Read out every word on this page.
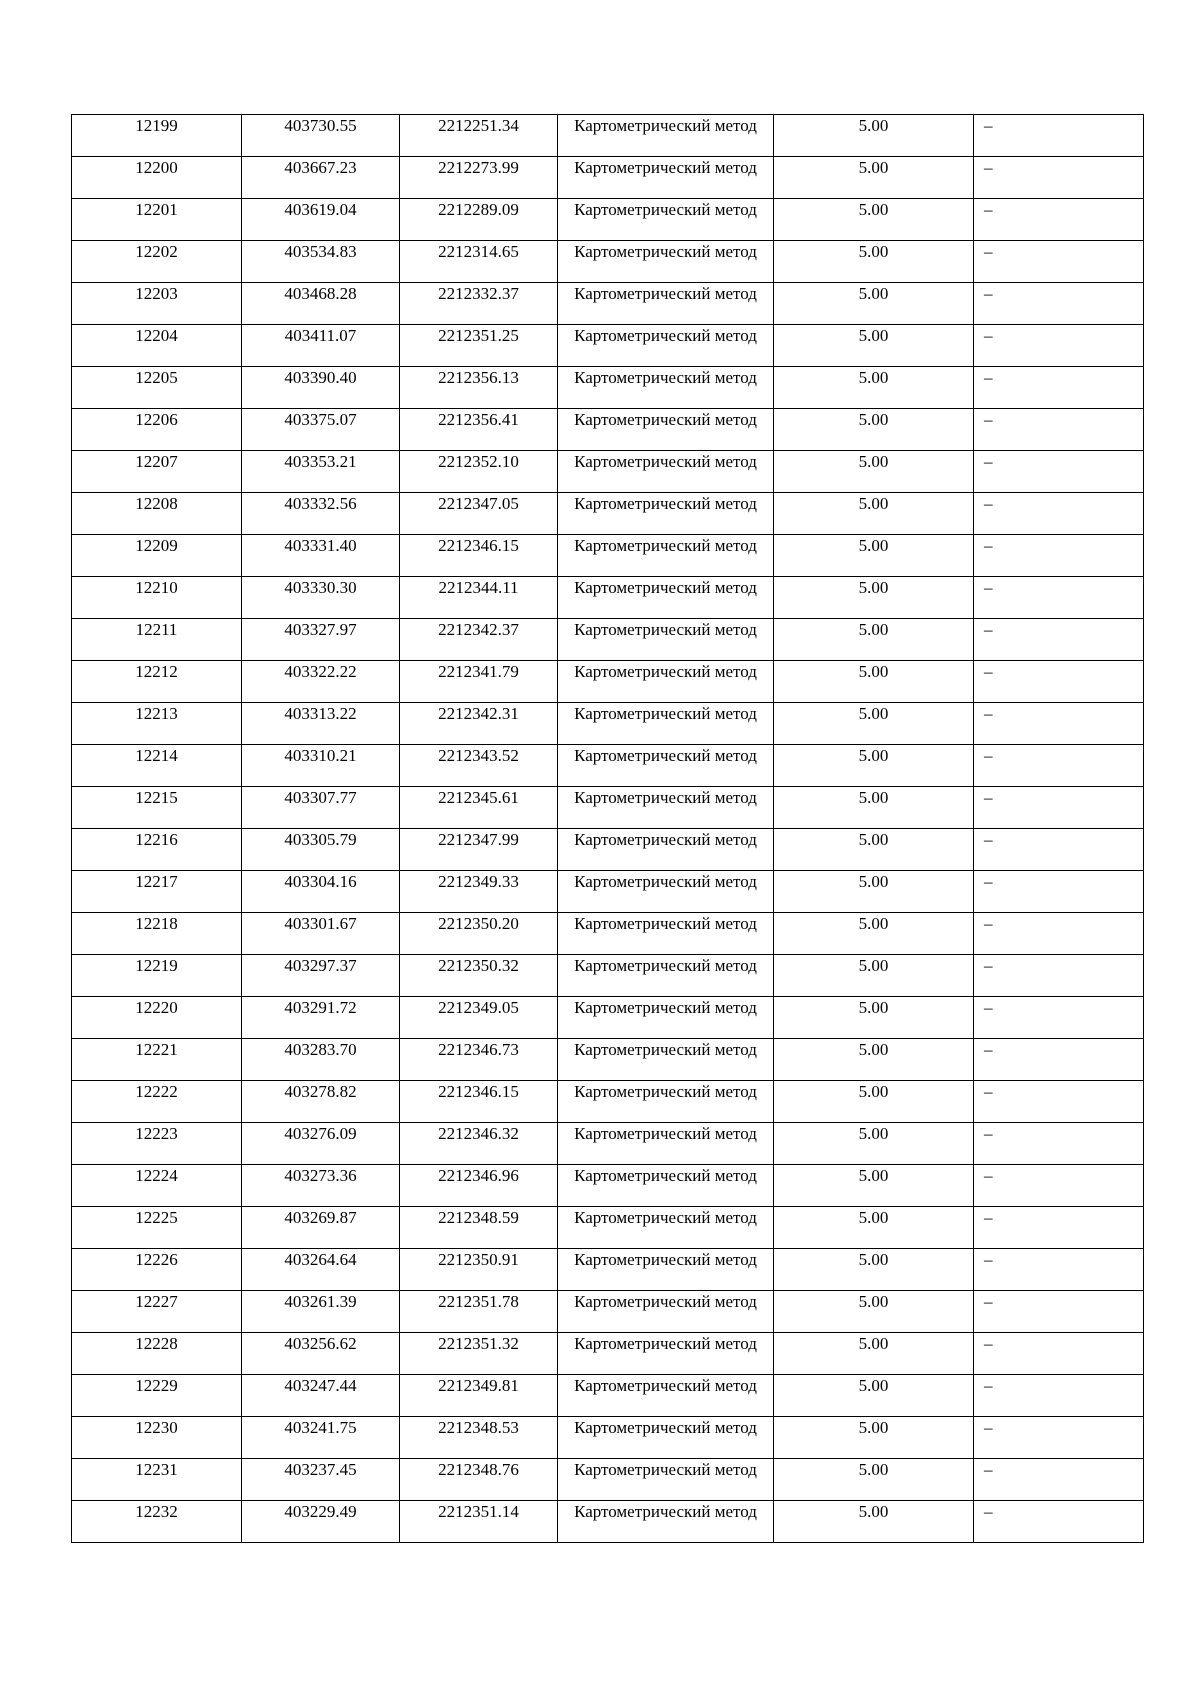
12199	403730.55	2212251.34	Картометрический метод	5.00	–
12200	403667.23	2212273.99	Картометрический метод	5.00	–
12201	403619.04	2212289.09	Картометрический метод	5.00	–
12202	403534.83	2212314.65	Картометрический метод	5.00	–
12203	403468.28	2212332.37	Картометрический метод	5.00	–
12204	403411.07	2212351.25	Картометрический метод	5.00	–
12205	403390.40	2212356.13	Картометрический метод	5.00	–
12206	403375.07	2212356.41	Картометрический метод	5.00	–
12207	403353.21	2212352.10	Картометрический метод	5.00	–
12208	403332.56	2212347.05	Картометрический метод	5.00	–
12209	403331.40	2212346.15	Картометрический метод	5.00	–
12210	403330.30	2212344.11	Картометрический метод	5.00	–
12211	403327.97	2212342.37	Картометрический метод	5.00	–
12212	403322.22	2212341.79	Картометрический метод	5.00	–
12213	403313.22	2212342.31	Картометрический метод	5.00	–
12214	403310.21	2212343.52	Картометрический метод	5.00	–
12215	403307.77	2212345.61	Картометрический метод	5.00	–
12216	403305.79	2212347.99	Картометрический метод	5.00	–
12217	403304.16	2212349.33	Картометрический метод	5.00	–
12218	403301.67	2212350.20	Картометрический метод	5.00	–
12219	403297.37	2212350.32	Картометрический метод	5.00	–
12220	403291.72	2212349.05	Картометрический метод	5.00	–
12221	403283.70	2212346.73	Картометрический метод	5.00	–
12222	403278.82	2212346.15	Картометрический метод	5.00	–
12223	403276.09	2212346.32	Картометрический метод	5.00	–
12224	403273.36	2212346.96	Картометрический метод	5.00	–
12225	403269.87	2212348.59	Картометрический метод	5.00	–
12226	403264.64	2212350.91	Картометрический метод	5.00	–
12227	403261.39	2212351.78	Картометрический метод	5.00	–
12228	403256.62	2212351.32	Картометрический метод	5.00	–
12229	403247.44	2212349.81	Картометрический метод	5.00	–
12230	403241.75	2212348.53	Картометрический метод	5.00	–
12231	403237.45	2212348.76	Картометрический метод	5.00	–
12232	403229.49	2212351.14	Картометрический метод	5.00	–
